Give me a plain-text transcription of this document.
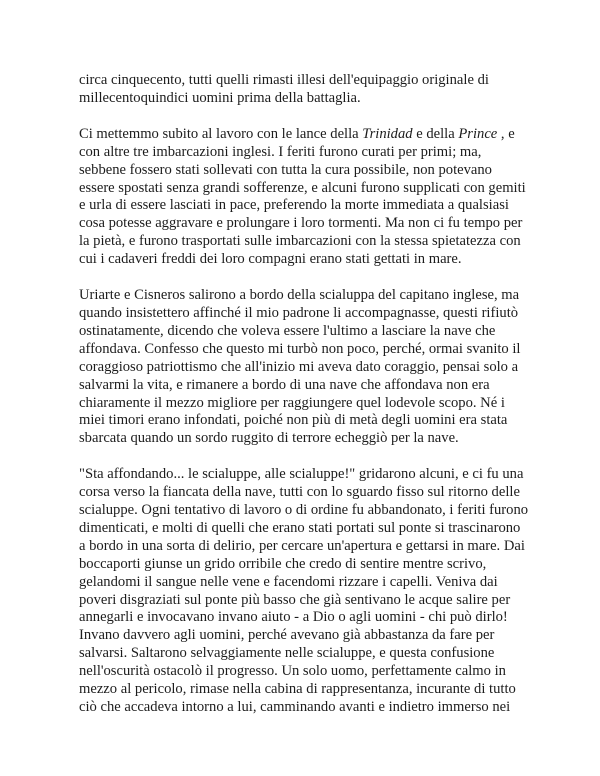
circa cinquecento, tutti quelli rimasti illesi dell'equipaggio originale di millecentoquindici uomini prima della battaglia.

Ci mettemmo subito al lavoro con le lance della Trinidad e della Prince , e con altre tre imbarcazioni inglesi. I feriti furono curati per primi; ma, sebbene fossero stati sollevati con tutta la cura possibile, non potevano essere spostati senza grandi sofferenze, e alcuni furono supplicati con gemiti e urla di essere lasciati in pace, preferendo la morte immediata a qualsiasi cosa potesse aggravare e prolungare i loro tormenti. Ma non ci fu tempo per la pietà, e furono trasportati sulle imbarcazioni con la stessa spietatezza con cui i cadaveri freddi dei loro compagni erano stati gettati in mare.

Uriarte e Cisneros salirono a bordo della scialuppa del capitano inglese, ma quando insistettero affinché il mio padrone li accompagnasse, questi rifiutò ostinatamente, dicendo che voleva essere l'ultimo a lasciare la nave che affondava. Confesso che questo mi turbò non poco, perché, ormai svanito il coraggioso patriottismo che all'inizio mi aveva dato coraggio, pensai solo a salvarmi la vita, e rimanere a bordo di una nave che affondava non era chiaramente il mezzo migliore per raggiungere quel lodevole scopo. Né i miei timori erano infondati, poiché non più di metà degli uomini era stata sbarcata quando un sordo ruggito di terrore echeggiò per la nave.

"Sta affondando... le scialuppe, alle scialuppe!" gridarono alcuni, e ci fu una corsa verso la fiancata della nave, tutti con lo sguardo fisso sul ritorno delle scialuppe. Ogni tentativo di lavoro o di ordine fu abbandonato, i feriti furono dimenticati, e molti di quelli che erano stati portati sul ponte si trascinarono a bordo in una sorta di delirio, per cercare un'apertura e gettarsi in mare. Dai boccaporti giunse un grido orribile che credo di sentire mentre scrivo, gelandomi il sangue nelle vene e facendomi rizzare i capelli. Veniva dai poveri disgraziati sul ponte più basso che già sentivano le acque salire per annegarli e invocavano invano aiuto - a Dio o agli uomini - chi può dirlo! Invano davvero agli uomini, perché avevano già abbastanza da fare per salvarsi. Saltarono selvaggiamente nelle scialuppe, e questa confusione nell'oscurità ostacolò il progresso. Un solo uomo, perfettamente calmo in mezzo al pericolo, rimase nella cabina di rappresentanza, incurante di tutto ciò che accadeva intorno a lui, camminando avanti e indietro immerso nei
